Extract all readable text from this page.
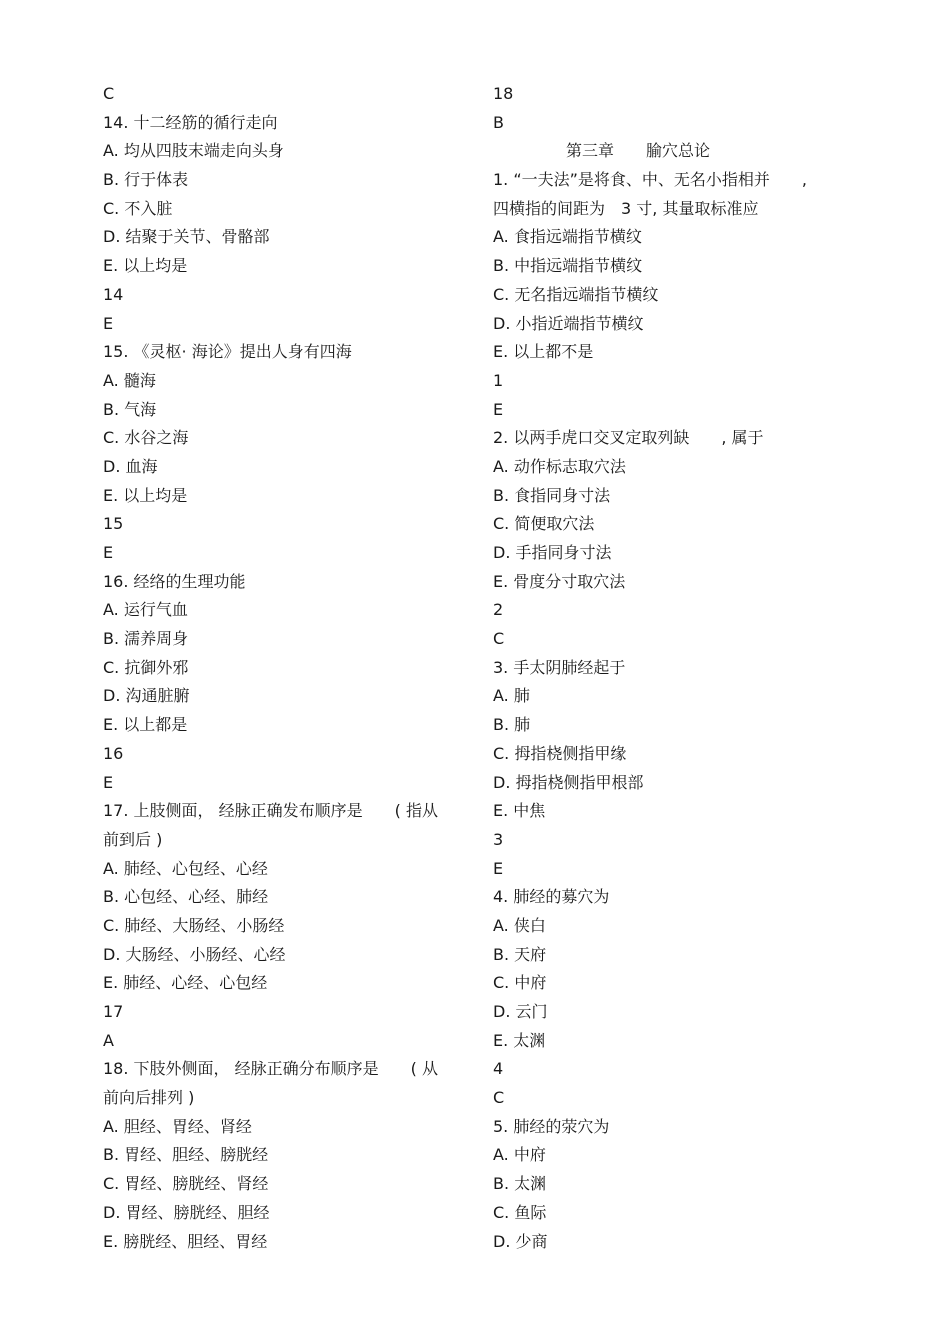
C
14. 十二经筋的循行走向
A. 均从四肢末端走向头身
B. 行于体表
C. 不入脏
D. 结聚于关节、骨骼部
E. 以上均是
14
E
15. 《灵枢· 海论》提出人身有四海
A. 髓海
B. 气海
C. 水谷之海
D. 血海
E. 以上均是
15
E
16. 经络的生理功能
A. 运行气血
B. 濡养周身
C. 抗御外邪
D. 沟通脏腑
E. 以上都是
16
E
17. 上肢侧面， 经脉正确发布顺序是　　( 指从
前到后 )
A. 肺经、心包经、心经
B. 心包经、心经、肺经
C. 肺经、大肠经、小肠经
D. 大肠经、小肠经、心经
E. 肺经、心经、心包经
17
A
18. 下肢外侧面， 经脉正确分布顺序是　　( 从
前向后排列 )
A. 胆经、胃经、肾经
B. 胃经、胆经、膀胱经
C. 胃经、膀胱经、肾经
D. 胃经、膀胱经、胆经
E. 膀胱经、胆经、胃经
18
B
第三章　　腧穴总论
1. “一夫法”是将食、中、无名小指相并　　,
四横指的间距为　3 寸, 其量取标准应
A. 食指远端指节横纹
B. 中指远端指节横纹
C. 无名指远端指节横纹
D. 小指近端指节横纹
E. 以上都不是
1
E
2. 以两手虎口交叉定取列缺　　, 属于
A. 动作标志取穴法
B. 食指同身寸法
C. 简便取穴法
D. 手指同身寸法
E. 骨度分寸取穴法
2
C
3. 手太阴肺经起于
A. 肺
B. 肺
C. 拇指桡侧指甲缘
D. 拇指桡侧指甲根部
E. 中焦
3
E
4. 肺经的募穴为
A. 侠白
B. 天府
C. 中府
D. 云门
E. 太渊
4
C
5. 肺经的荥穴为
A. 中府
B. 太渊
C. 鱼际
D. 少商
